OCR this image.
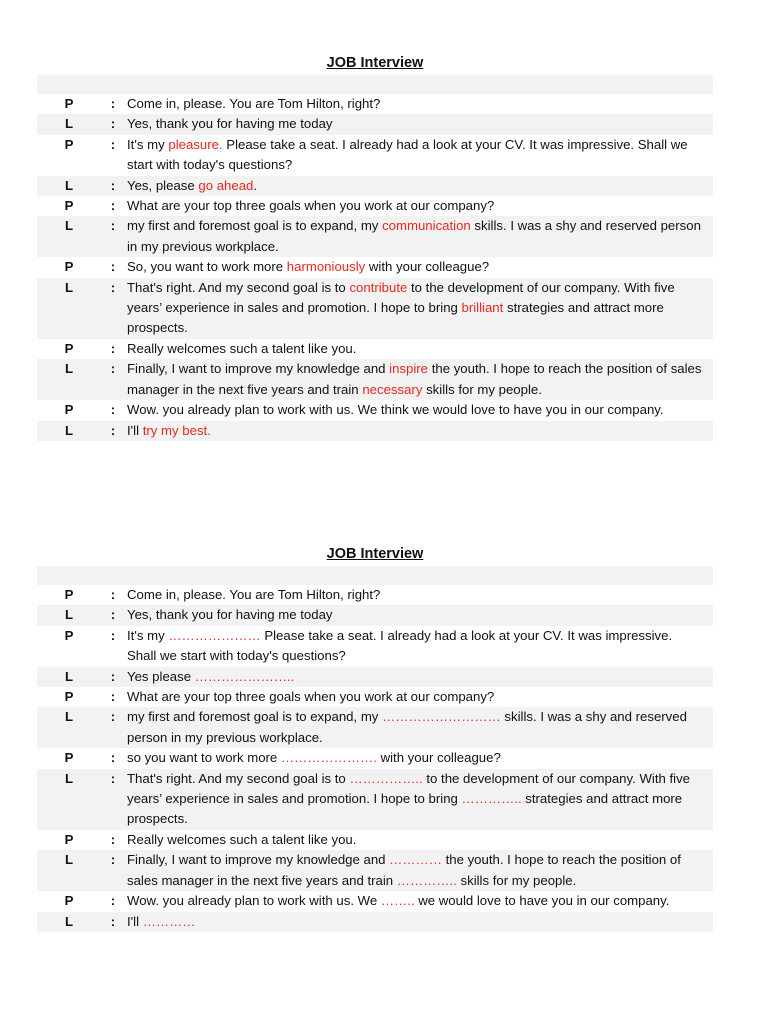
JOB Interview
P	: Come in, please. You are Tom Hilton, right?
L	: Yes, thank you for having me today
P	: It's my pleasure. Please take a seat. I already had a look at your CV. It was impressive. Shall we start with today's questions?
L	: Yes, please go ahead.
P	: What are your top three goals when you work at our company?
L	: my first and foremost goal is to expand, my communication skills. I was a shy and reserved person in my previous workplace.
P	: So, you want to work more harmoniously with your colleague?
L	: That's right. And my second goal is to contribute to the development of our company. With five years’ experience in sales and promotion. I hope to bring brilliant strategies and attract more prospects.
P	: Really welcomes such a talent like you.
L	: Finally, I want to improve my knowledge and inspire the youth. I hope to reach the position of sales manager in the next five years and train necessary skills for my people.
P	: Wow. you already plan to work with us. We think we would love to have you in our company.
L	: I'll try my best.
JOB Interview
P	: Come in, please. You are Tom Hilton, right?
L	: Yes, thank you for having me today
P	: It's my ………………… Please take a seat. I already had a look at your CV. It was impressive. Shall we start with today's questions?
L	: Yes please …………………..
P	: What are your top three goals when you work at our company?
L	: my first and foremost goal is to expand, my ……………………… skills. I was a shy and reserved person in my previous workplace.
P	: so you want to work more …………………. with your colleague?
L	: That's right. And my second goal is to …………….. to the development of our company. With five years’ experience in sales and promotion. I hope to bring ………….. strategies and attract more prospects.
P	: Really welcomes such a talent like you.
L	: Finally, I want to improve my knowledge and ………… the youth. I hope to reach the position of sales manager in the next five years and train ………….. skills for my people.
P	: Wow. you already plan to work with us. We …….. we would love to have you in our company.
L	: I'll …………
